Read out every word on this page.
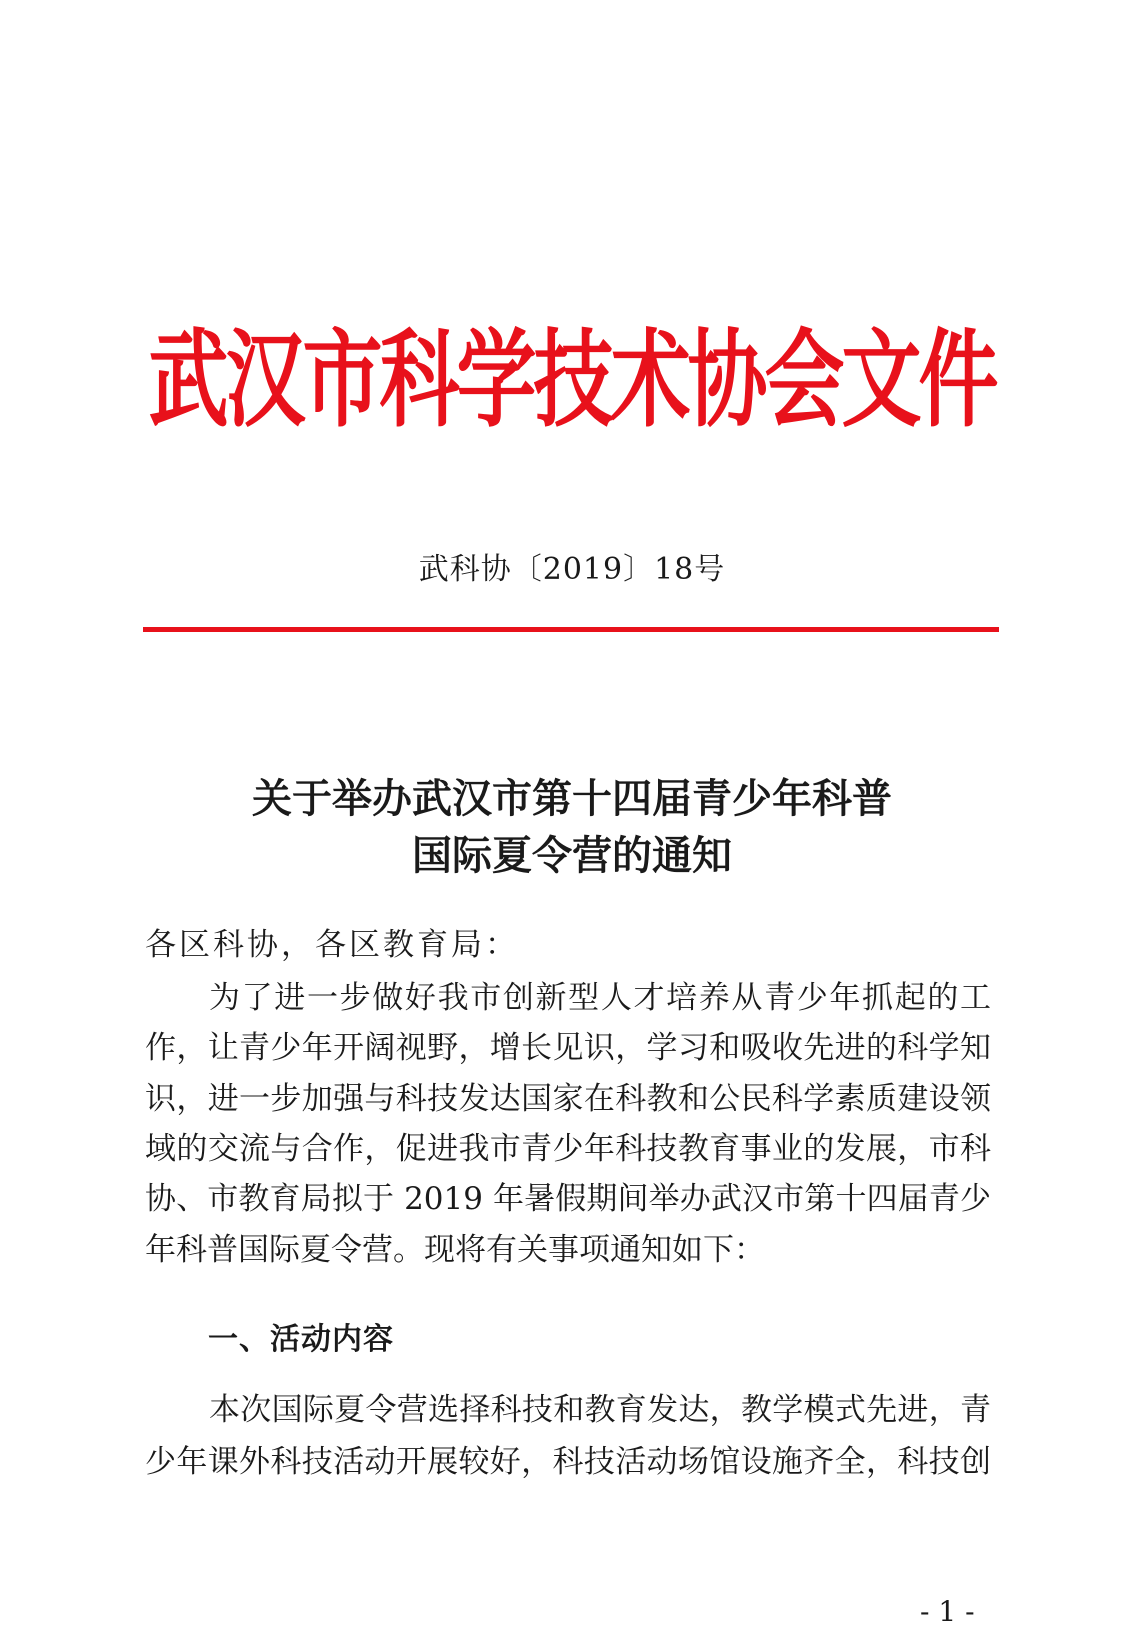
武汉市科学技术协会文件
武科协〔2019〕18号
关于举办武汉市第十四届青少年科普
国际夏令营的通知
各区科协，各区教育局：
为了进一步做好我市创新型人才培养从青少年抓起的工
作，让青少年开阔视野，增长见识，学习和吸收先进的科学知
识，进一步加强与科技发达国家在科教和公民科学素质建设领
域的交流与合作，促进我市青少年科技教育事业的发展，市科
协、市教育局拟于 2019 年暑假期间举办武汉市第十四届青少
年科普国际夏令营。现将有关事项通知如下：
一、活动内容
本次国际夏令营选择科技和教育发达，教学模式先进，青
少年课外科技活动开展较好，科技活动场馆设施齐全，科技创
- 1 -
